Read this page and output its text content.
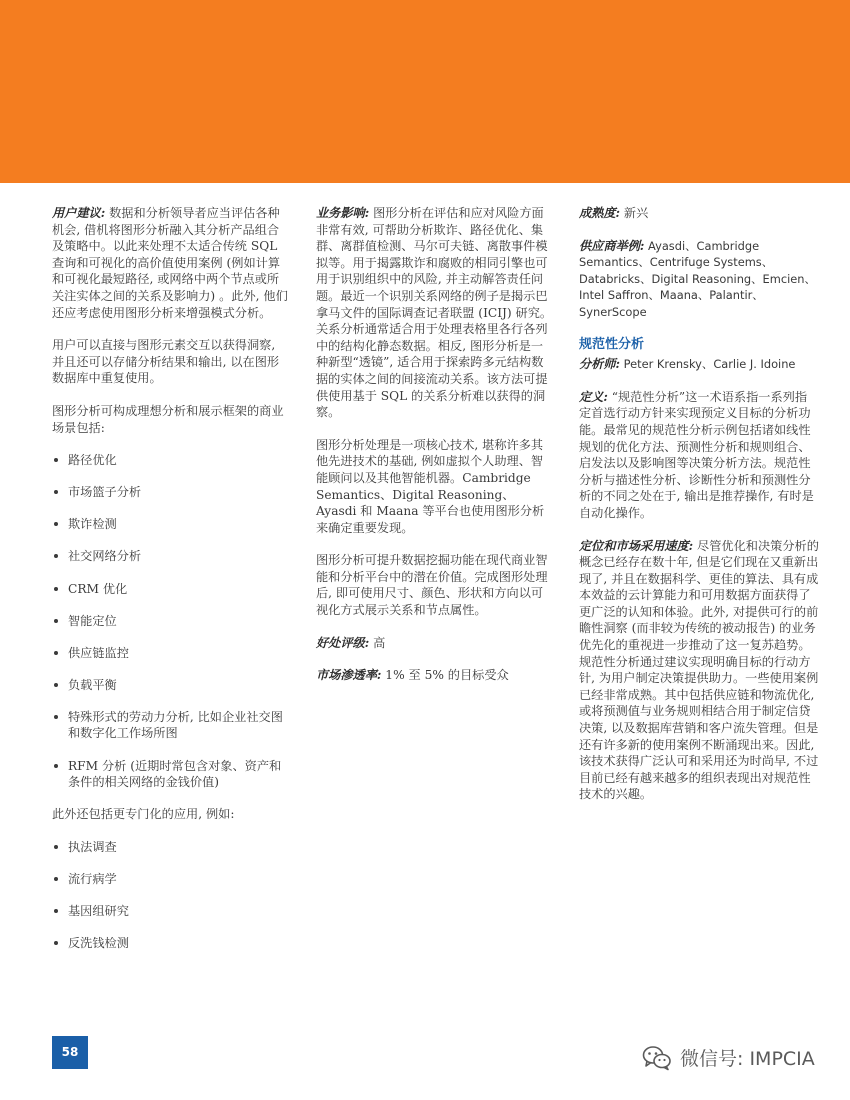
用户建议: 数据和分析领导者应当评估各种机会, 借机将图形分析融入其分析产品组合及策略中。以此来处理不太适合传统 SQL 查询和可视化的高价值使用案例 (例如计算和可视化最短路径, 或网络中两个节点或所关注实体之间的关系及影响力) 。此外, 他们还应考虑使用图形分析来增强模式分析。

用户可以直接与图形元素交互以获得洞察, 并且还可以存储分析结果和输出, 以在图形数据库中重复使用。

图形分析可构成理想分析和展示框架的商业场景包括:

路径优化
市场篮子分析
欺诈检测
社交网络分析
CRM 优化
智能定位
供应链监控
负载平衡
特殊形式的劳动力分析, 比如企业社交图和数字化工作场所图
RFM 分析 (近期时常包含对象、资产和条件的相关网络的金钱价值)

此外还包括更专门化的应用, 例如:

执法调查
流行病学
基因组研究
反洗钱检测

业务影响: 图形分析在评估和应对风险方面非常有效, 可帮助分析欺诈、路径优化、集群、离群值检测、马尔可夫链、离散事件模拟等。用于揭露欺诈和腐败的相同引擎也可用于识别组织中的风险, 并主动解答责任问题。最近一个识别关系网络的例子是揭示巴拿马文件的国际调查记者联盟 (ICIJ) 研究。关系分析通常适合用于处理表格里各行各列中的结构化静态数据。相反, 图形分析是一种新型“透镜”, 适合用于探索跨多元结构数据的实体之间的间接流动关系。该方法可提供使用基于 SQL 的关系分析难以获得的洞察。

图形分析处理是一项核心技术, 堪称许多其他先进技术的基础, 例如虚拟个人助理、智能顾问以及其他智能机器。Cambridge Semantics、Digital Reasoning、Ayasdi 和 Maana 等平台也使用图形分析来确定重要发现。

图形分析可提升数据挖掘功能在现代商业智能和分析平台中的潜在价值。完成图形处理后, 即可使用尺寸、颜色、形状和方向以可视化方式展示关系和节点属性。

好处评级: 高

市场渗透率: 1% 至 5% 的目标受众

成熟度: 新兴

供应商举例: Ayasdi、Cambridge Semantics、Centrifuge Systems、Databricks、Digital Reasoning、Emcien、Intel Saffron、Maana、Palantir、SynerScope

规范性分析

分析师: Peter Krensky、Carlie J. Idoine

定义: “规范性分析”这一术语系指一系列指定首选行动方针来实现预定义目标的分析功能。最常见的规范性分析示例包括诸如线性规划的优化方法、预测性分析和规则组合、启发法以及影响图等决策分析方法。规范性分析与描述性分析、诊断性分析和预测性分析的不同之处在于, 输出是推荐操作, 有时是自动化操作。

定位和市场采用速度: 尽管优化和决策分析的概念已经存在数十年, 但是它们现在又重新出现了, 并且在数据科学、更佳的算法、具有成本效益的云计算能力和可用数据方面获得了更广泛的认知和体验。此外, 对提供可行的前瞻性洞察 (而非较为传统的被动报告) 的业务优先化的重视进一步推动了这一复苏趋势。规范性分析通过建议实现明确目标的行动方针, 为用户制定决策提供助力。一些使用案例已经非常成熟。其中包括供应链和物流优化, 或将预测值与业务规则相结合用于制定信贷决策, 以及数据库营销和客户流失管理。但是还有许多新的使用案例不断涌现出来。因此, 该技术获得广泛认可和采用还为时尚早, 不过目前已经有越来越多的组织表现出对规范性技术的兴趣。

58	微信号: IMPCIA
